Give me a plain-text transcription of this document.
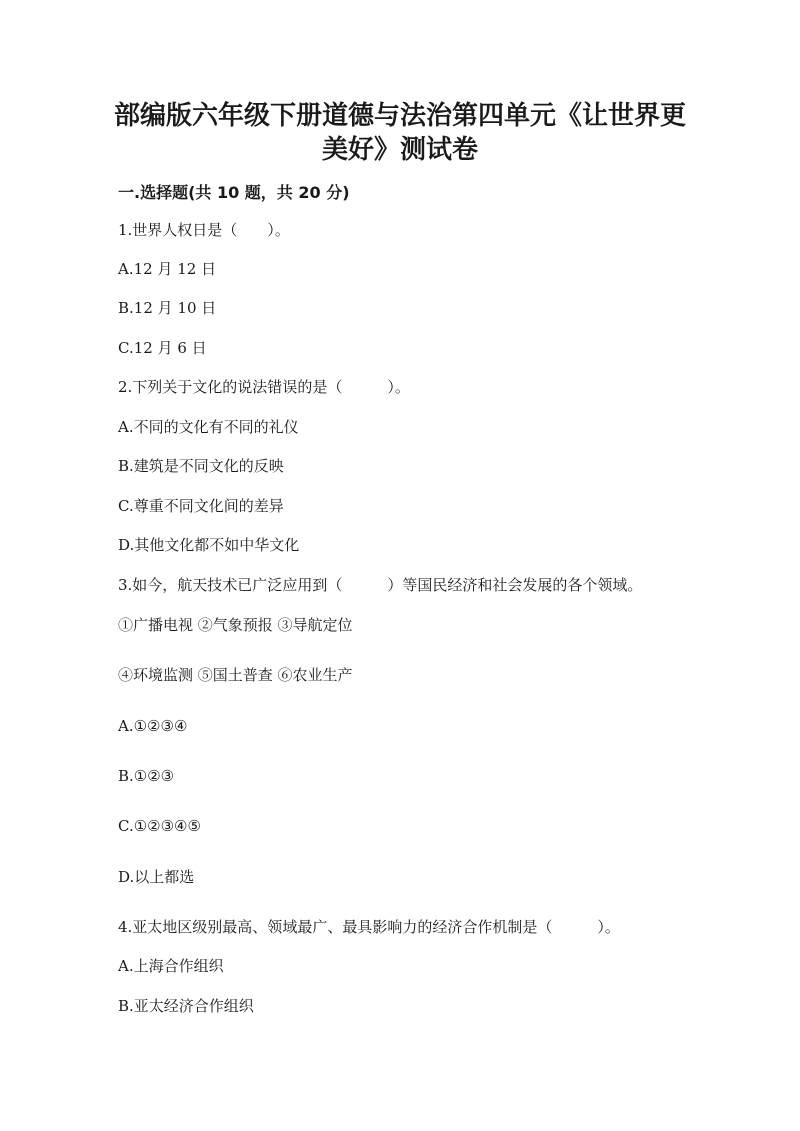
部编版六年级下册道德与法治第四单元《让世界更
美好》测试卷
一.选择题(共 10 题，共 20 分)
1.世界人权日是（　　）。
A.12 月 12 日
B.12 月 10 日
C.12 月 6 日
2.下列关于文化的说法错误的是（　　　）。
A.不同的文化有不同的礼仪
B.建筑是不同文化的反映
C.尊重不同文化间的差异
D.其他文化都不如中华文化
3.如今，航天技术已广泛应用到（　　　）等国民经济和社会发展的各个领域。
①广播电视 ②气象预报 ③导航定位
④环境监测 ⑤国土普查 ⑥农业生产
A.①②③④
B.①②③
C.①②③④⑤
D.以上都选
4.亚太地区级别最高、领域最广、最具影响力的经济合作机制是（　　　）。
A.上海合作组织
B.亚太经济合作组织
